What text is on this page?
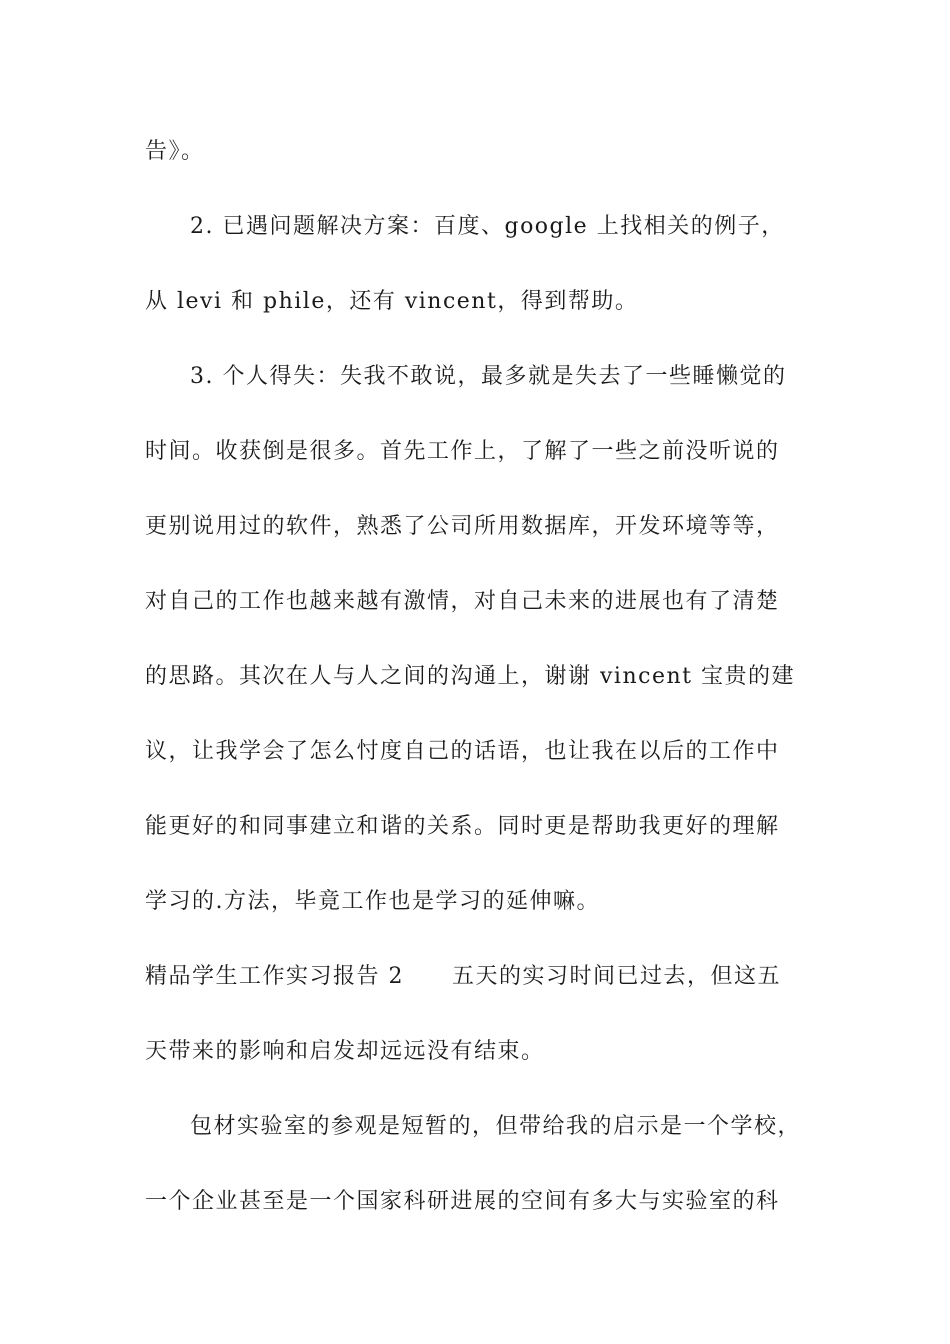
告》。
2. 已遇问题解决方案：百度、google 上找相关的例子，
从 levi 和 phile，还有 vincent，得到帮助。
3. 个人得失：失我不敢说，最多就是失去了一些睡懒觉的
时间。收获倒是很多。首先工作上，了解了一些之前没听说的
更别说用过的软件，熟悉了公司所用数据库，开发环境等等，
对自己的工作也越来越有激情，对自己未来的进展也有了清楚
的思路。其次在人与人之间的沟通上，谢谢 vincent 宝贵的建
议，让我学会了怎么忖度自己的话语，也让我在以后的工作中
能更好的和同事建立和谐的关系。同时更是帮助我更好的理解
学习的.方法，毕竟工作也是学习的延伸嘛。
精品学生工作实习报告 2 五天的实习时间已过去，但这五
天带来的影响和启发却远远没有结束。
包材实验室的参观是短暂的，但带给我的启示是一个学校，
一个企业甚至是一个国家科研进展的空间有多大与实验室的科
